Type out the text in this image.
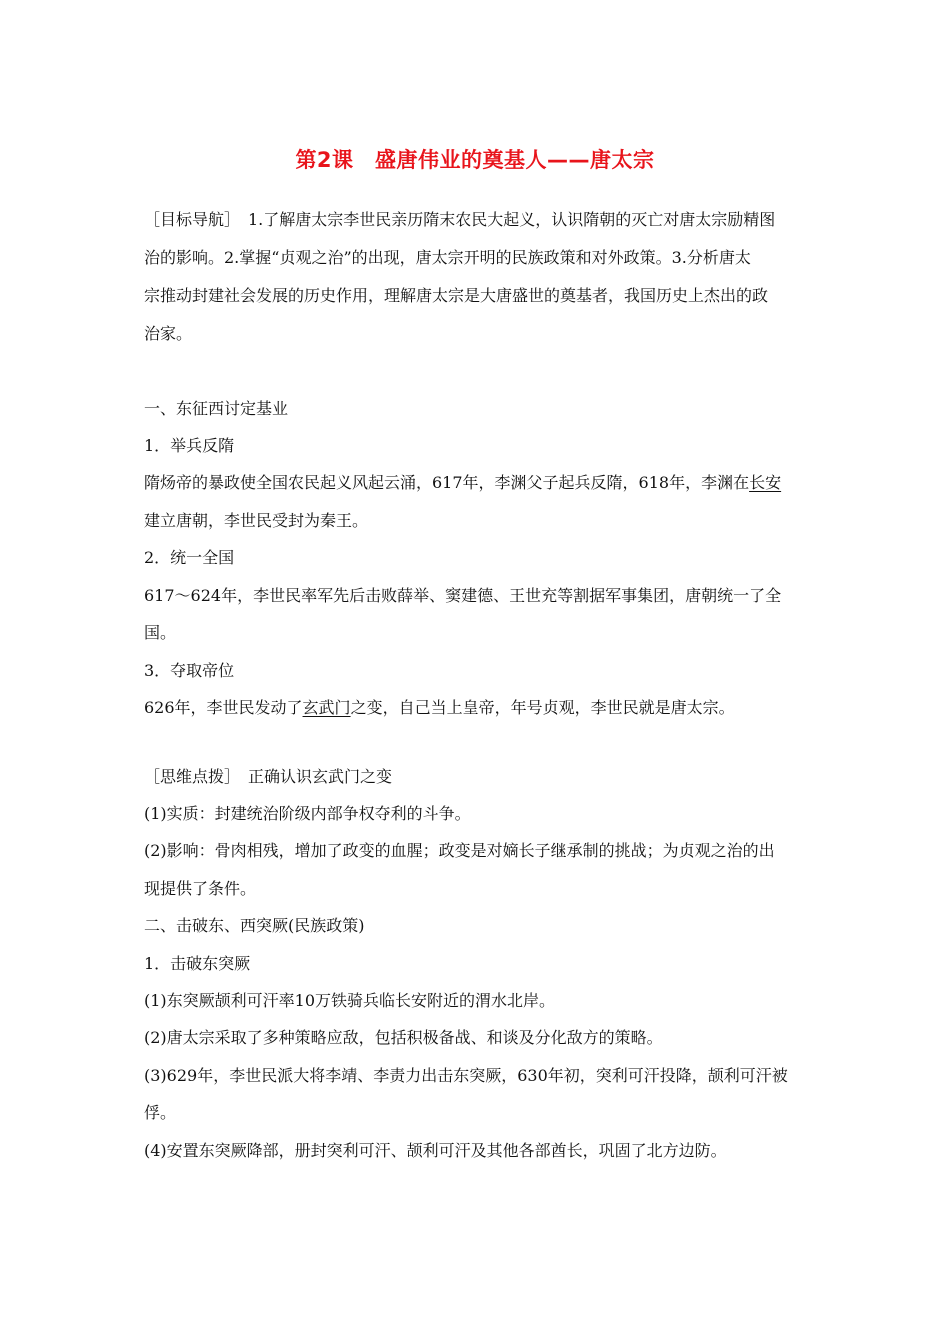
第2课　盛唐伟业的奠基人——唐太宗
［目标导航］　1.了解唐太宗李世民亲历隋末农民大起义，认识隋朝的灭亡对唐太宗励精图
治的影响。2.掌握“贞观之治”的出现，唐太宗开明的民族政策和对外政策。3.分析唐太
宗推动封建社会发展的历史作用，理解唐太宗是大唐盛世的奠基者，我国历史上杰出的政
治家。
一、东征西讨定基业
1．举兵反隋
隋炀帝的暴政使全国农民起义风起云涌，617年，李渊父子起兵反隋，618年，李渊在长安
建立唐朝，李世民受封为秦王。
2．统一全国
617～624年，李世民率军先后击败薛举、窦建德、王世充等割据军事集团，唐朝统一了全
国。
3．夺取帝位
626年，李世民发动了玄武门之变，自己当上皇帝，年号贞观，李世民就是唐太宗。
［思维点拨］　正确认识玄武门之变
(1)实质：封建统治阶级内部争权夺利的斗争。
(2)影响：骨肉相残，增加了政变的血腥；政变是对嫡长子继承制的挑战；为贞观之治的出
现提供了条件。
二、击破东、西突厥(民族政策)
1．击破东突厥
(1)东突厥颉利可汗率10万铁骑兵临长安附近的渭水北岸。
(2)唐太宗采取了多种策略应敌，包括积极备战、和谈及分化敌方的策略。
(3)629年，李世民派大将李靖、李责力出击东突厥，630年初，突利可汗投降，颉利可汗被
俘。
(4)安置东突厥降部，册封突利可汗、颉利可汗及其他各部酋长，巩固了北方边防。
